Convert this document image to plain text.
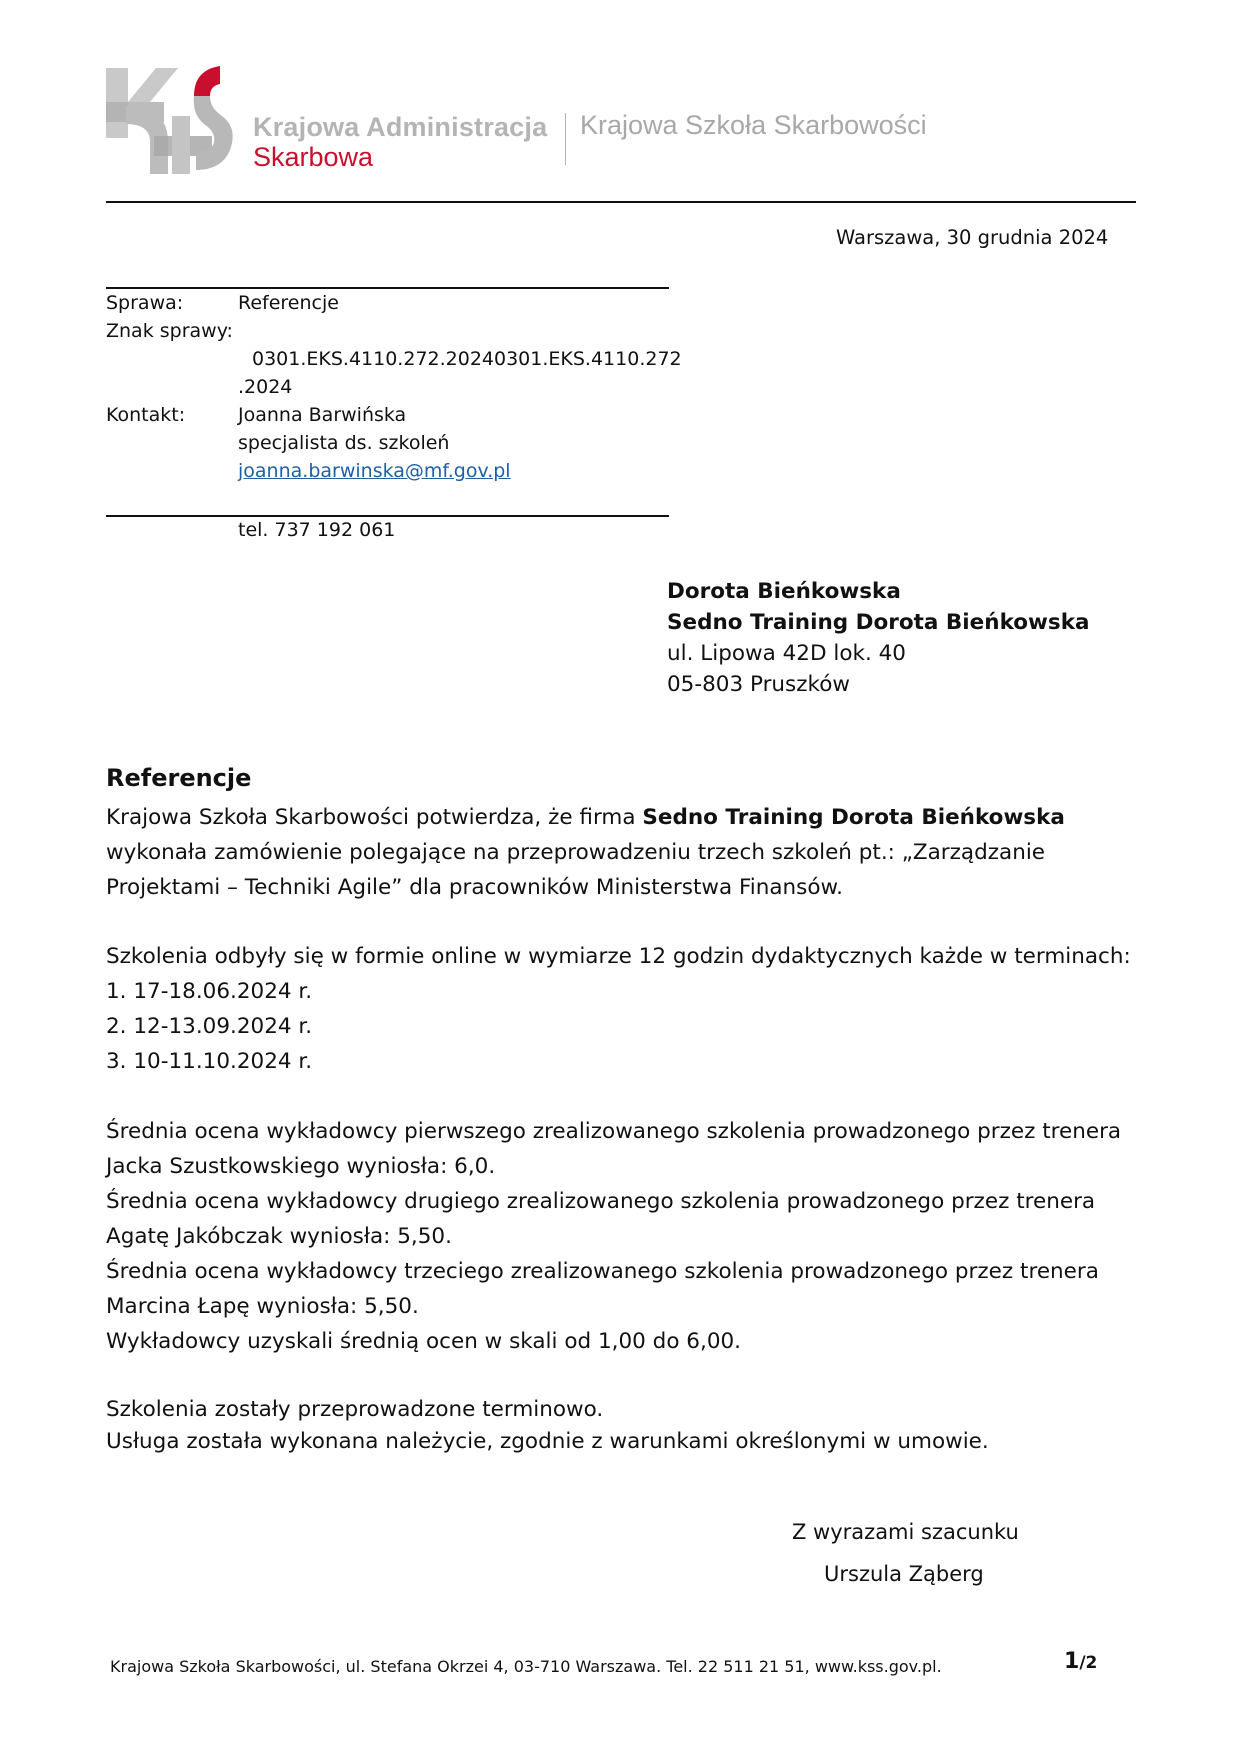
Krajowa Administracja
Skarbowa
Krajowa Szkoła Skarbowości
Warszawa, 30 grudnia 2024
Sprawa:	Referencje
Znak sprawy:
0301.EKS.4110.272.20240301.EKS.4110.272
.2024
Kontakt:	Joanna Barwińska
specjalista ds. szkoleń
joanna.barwinska@mf.gov.pl
tel. 737 192 061
Dorota Bieńkowska
Sedno Training Dorota Bieńkowska
ul. Lipowa 42D lok. 40
05-803 Pruszków
Referencje

Krajowa Szkoła Skarbowości potwierdza, że firma Sedno Training Dorota Bieńkowska wykonała zamówienie polegające na przeprowadzeniu trzech szkoleń pt.: „Zarządzanie Projektami – Techniki Agile” dla pracowników Ministerstwa Finansów.

Szkolenia odbyły się w formie online w wymiarze 12 godzin dydaktycznych każde w terminach:

1. 17-18.06.2024 r.

2. 12-13.09.2024 r.

3. 10-11.10.2024 r.

Średnia ocena wykładowcy pierwszego zrealizowanego szkolenia prowadzonego przez trenera Jacka Szustkowskiego wyniosła: 6,0.

Średnia ocena wykładowcy drugiego zrealizowanego szkolenia prowadzonego przez trenera Agatę Jakóbczak wyniosła: 5,50.

Średnia ocena wykładowcy trzeciego zrealizowanego szkolenia prowadzonego przez trenera Marcina Łapę wyniosła: 5,50.

Wykładowcy uzyskali średnią ocen w skali od 1,00 do 6,00.

Szkolenia zostały przeprowadzone terminowo.

Usługa została wykonana należycie, zgodnie z warunkami określonymi w umowie.

Z wyrazami szacunku
Urszula Ząberg
Krajowa Szkoła Skarbowości, ul. Stefana Okrzei 4, 03-710 Warszawa. Tel. 22 511 21 51, www.kss.gov.pl.	1/2
